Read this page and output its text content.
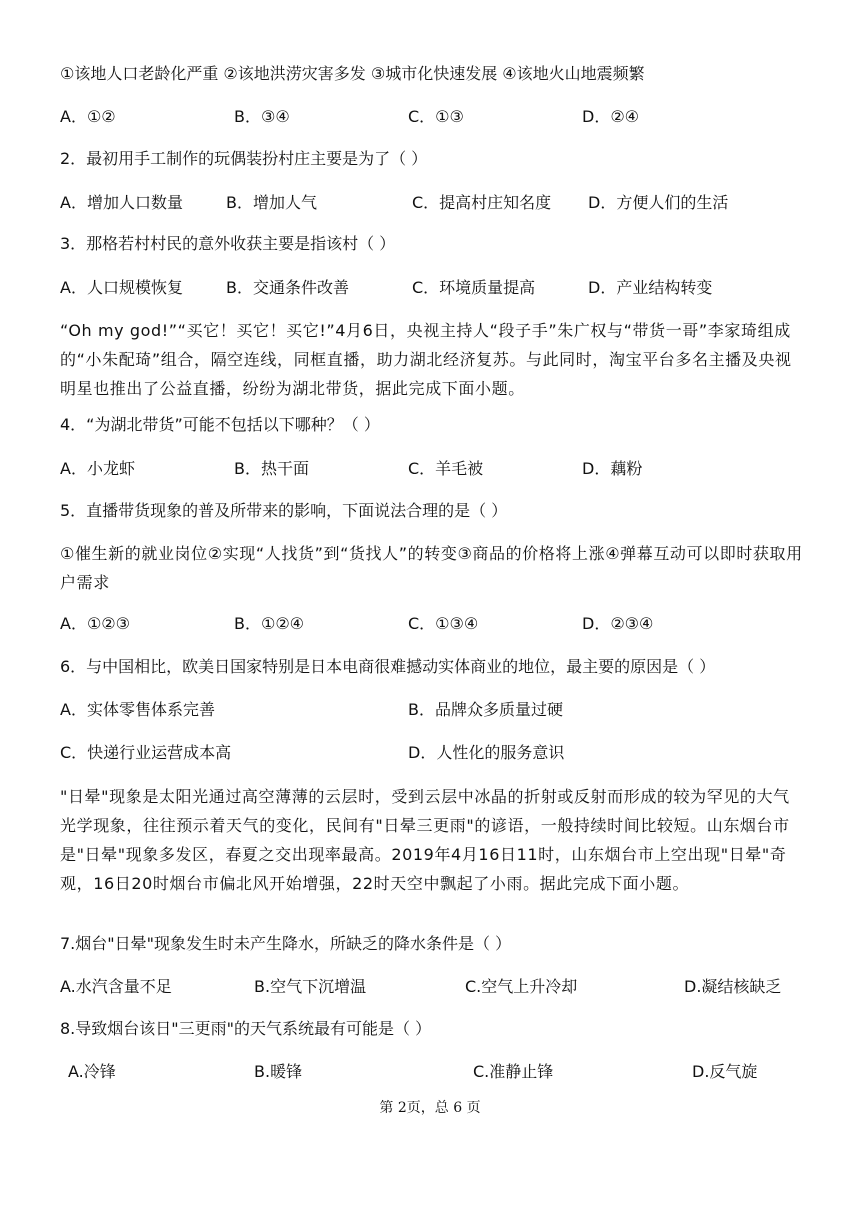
①该地人口老龄化严重 ②该地洪涝灾害多发 ③城市化快速发展 ④该地火山地震频繁
A．①②	B．③④	C．①③	D．②④
2．最初用手工制作的玩偶装扮村庄主要是为了（ ）
A．增加人口数量	B．增加人气	C．提高村庄知名度 D．方便人们的生活
3．那格若村村民的意外收获主要是指该村（ ）
A．人口规模恢复	B．交通条件改善	C．环境质量提高	D．产业结构转变
“Oh my god!”“买它！买它！买它!”4月6日，央视主持人“段子手”朱广权与“带货一哥”李家琦组成的“小朱配琦”组合，隔空连线，同框直播，助力湖北经济复苏。与此同时，淘宝平台多名主播及央视明星也推出了公益直播，纷纷为湖北带货，据此完成下面小题。
4．“为湖北带货”可能不包括以下哪种？（ ）
A．小龙虾	B．热干面	C．羊毛被	D．藕粉
5．直播带货现象的普及所带来的影响，下面说法合理的是（ ）
①催生新的就业岗位②实现“人找货”到“货找人”的转变③商品的价格将上涨④弹幕互动可以即时获取用户需求
A．①②③	B．①②④	C．①③④	D．②③④
6．与中国相比，欧美日国家特别是日本电商很难撼动实体商业的地位，最主要的原因是（ ）
A．实体零售体系完善	B．品牌众多质量过硬
C．快递行业运营成本高	D．人性化的服务意识
"日晕"现象是太阳光通过高空薄薄的云层时，受到云层中冰晶的折射或反射而形成的较为罕见的大气光学现象，往往预示着天气的变化，民间有"日晕三更雨"的谚语，一般持续时间比较短。山东烟台市是"日晕"现象多发区，春夏之交出现率最高。2019年4月16日11时，山东烟台市上空出现"日晕"奇观，16日20时烟台市偏北风开始增强，22时天空中飘起了小雨。据此完成下面小题。
7.烟台"日晕"现象发生时未产生降水，所缺乏的降水条件是（ ）
A.水汽含量不足	B.空气下沉增温	C.空气上升冷却	D.凝结核缺乏
8.导致烟台该日"三更雨"的天气系统最有可能是（ ）
A.冷锋	B.暖锋	C.准静止锋	D.反气旋
第 2页，总 6 页
